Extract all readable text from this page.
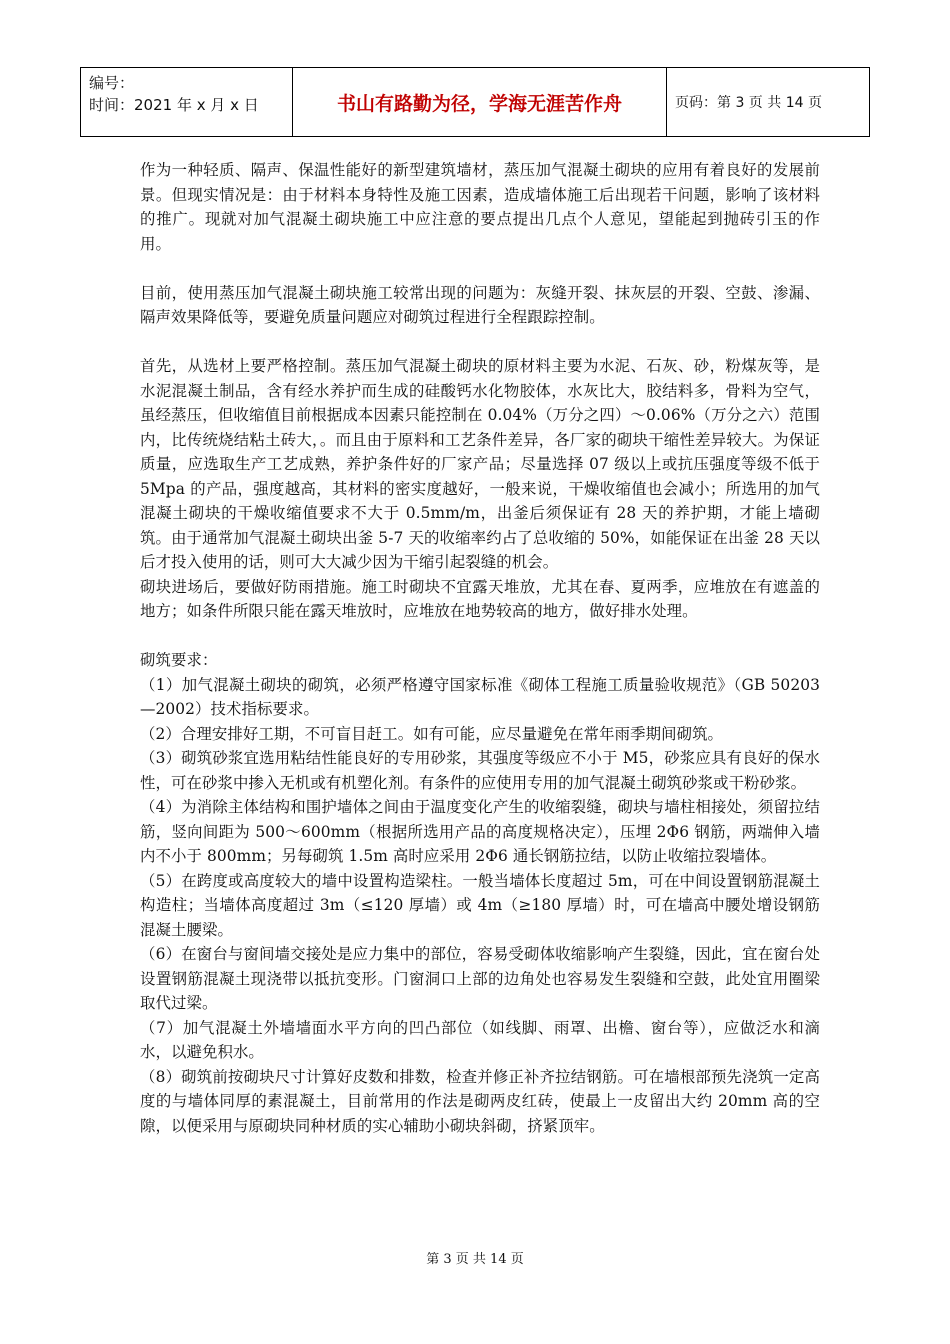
编号：
时间：2021 年 x 月 x 日	书山有路勤为径，学海无涯苦作舟	页码：第 3 页 共 14 页

作为一种轻质、隔声、保温性能好的新型建筑墙材，蒸压加气混凝土砌块的应用有着良好的发展前景。但现实情况是：由于材料本身特性及施工因素，造成墙体施工后出现若干问题，影响了该材料的推广。现就对加气混凝土砌块施工中应注意的要点提出几点个人意见，望能起到抛砖引玉的作用。

目前，使用蒸压加气混凝土砌块施工较常出现的问题为：灰缝开裂、抹灰层的开裂、空鼓、渗漏、隔声效果降低等，要避免质量问题应对砌筑过程进行全程跟踪控制。

首先，从选材上要严格控制。蒸压加气混凝土砌块的原材料主要为水泥、石灰、砂，粉煤灰等，是水泥混凝土制品，含有经水养护而生成的硅酸钙水化物胶体，水灰比大，胶结料多，骨料为空气，虽经蒸压，但收缩值目前根据成本因素只能控制在 0.04%（万分之四）～0.06%（万分之六）范围内，比传统烧结粘土砖大，。而且由于原料和工艺条件差异，各厂家的砌块干缩性差异较大。为保证质量，应选取生产工艺成熟，养护条件好的厂家产品；尽量选择 07 级以上或抗压强度等级不低于 5Mpa 的产品，强度越高，其材料的密实度越好，一般来说，干燥收缩值也会减小；所选用的加气混凝土砌块的干燥收缩值要求不大于 0.5mm/m，出釜后须保证有 28 天的养护期，才能上墙砌筑。由于通常加气混凝土砌块出釜 5-7 天的收缩率约占了总收缩的 50%，如能保证在出釜 28 天以后才投入使用的话，则可大大减少因为干缩引起裂缝的机会。

砌块进场后，要做好防雨措施。施工时砌块不宜露天堆放，尤其在春、夏两季，应堆放在有遮盖的地方；如条件所限只能在露天堆放时，应堆放在地势较高的地方，做好排水处理。

砌筑要求：

（1）加气混凝土砌块的砌筑，必须严格遵守国家标准《砌体工程施工质量验收规范》（GB 50203—2002）技术指标要求。

（2）合理安排好工期，不可盲目赶工。如有可能，应尽量避免在常年雨季期间砌筑。

（3）砌筑砂浆宜选用粘结性能良好的专用砂浆，其强度等级应不小于 M5，砂浆应具有良好的保水性，可在砂浆中掺入无机或有机塑化剂。有条件的应使用专用的加气混凝土砌筑砂浆或干粉砂浆。

（4）为消除主体结构和围护墙体之间由于温度变化产生的收缩裂缝，砌块与墙柱相接处，须留拉结筋，竖向间距为 500～600mm（根据所选用产品的高度规格决定），压埋 2Φ6 钢筋，两端伸入墙内不小于 800mm；另每砌筑 1.5m 高时应采用 2Φ6 通长钢筋拉结，以防止收缩拉裂墙体。

（5）在跨度或高度较大的墙中设置构造梁柱。一般当墙体长度超过 5m，可在中间设置钢筋混凝土构造柱；当墙体高度超过 3m（≤120 厚墙）或 4m（≥180 厚墙）时，可在墙高中腰处增设钢筋混凝土腰梁。

（6）在窗台与窗间墙交接处是应力集中的部位，容易受砌体收缩影响产生裂缝，因此，宜在窗台处设置钢筋混凝土现浇带以抵抗变形。门窗洞口上部的边角处也容易发生裂缝和空鼓，此处宜用圈梁取代过梁。

（7）加气混凝土外墙墙面水平方向的凹凸部位（如线脚、雨罩、出檐、窗台等），应做泛水和滴水，以避免积水。

（8）砌筑前按砌块尺寸计算好皮数和排数，检查并修正补齐拉结钢筋。可在墙根部预先浇筑一定高度的与墙体同厚的素混凝土，目前常用的作法是砌两皮红砖，使最上一皮留出大约 20mm 高的空隙，以便采用与原砌块同种材质的实心辅助小砌块斜砌，挤紧顶牢。

第 3 页 共 14 页
